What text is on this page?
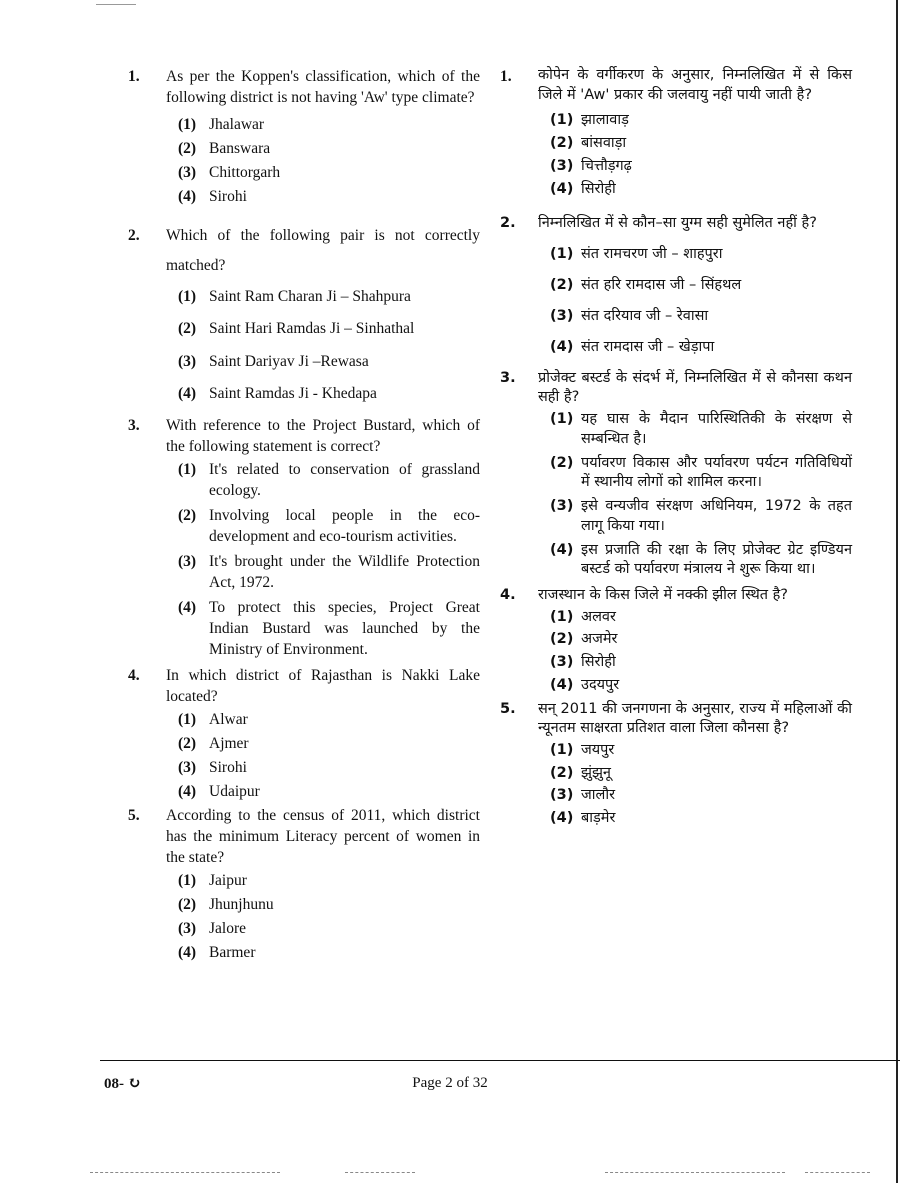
1. As per the Koppen's classification, which of the following district is not having 'Aw' type climate?
(1) Jhalawar
(2) Banswara
(3) Chittorgarh
(4) Sirohi
2. Which of the following pair is not correctly matched?
(1) Saint Ram Charan Ji – Shahpura
(2) Saint Hari Ramdas Ji – Sinhathal
(3) Saint Dariyav Ji –Rewasa
(4) Saint Ramdas Ji - Khedapa
3. With reference to the Project Bustard, which of the following statement is correct?
(1) It's related to conservation of grassland ecology.
(2) Involving local people in the eco-development and eco-tourism activities.
(3) It's brought under the Wildlife Protection Act, 1972.
(4) To protect this species, Project Great Indian Bustard was launched by the Ministry of Environment.
4. In which district of Rajasthan is Nakki Lake located?
(1) Alwar
(2) Ajmer
(3) Sirohi
(4) Udaipur
5. According to the census of 2011, which district has the minimum Literacy percent of women in the state?
(1) Jaipur
(2) Jhunjhunu
(3) Jalore
(4) Barmer
1. कोपेन के वर्गीकरण के अनुसार, निम्नलिखित में से किस जिले में 'Aw' प्रकार की जलवायु नहीं पायी जाती है?
(1) झालावाड़
(2) बांसवाड़ा
(3) चित्तौड़गढ़
(4) सिरोही
2. निम्नलिखित में से कौन–सा युग्म सही सुमेलित नहीं है?
(1) संत रामचरण जी – शाहपुरा
(2) संत हरि रामदास जी – सिंहथल
(3) संत दरियाव जी – रेवासा
(4) संत रामदास जी – खेड़ापा
3. प्रोजेक्ट बस्टर्ड के संदर्भ में, निम्नलिखित में से कौनसा कथन सही है?
(1) यह घास के मैदान पारिस्थितिकी के संरक्षण से सम्बन्धित है।
(2) पर्यावरण विकास और पर्यावरण पर्यटन गतिविधियों में स्थानीय लोगों को शामिल करना।
(3) इसे वन्यजीव संरक्षण अधिनियम, 1972 के तहत लागू किया गया।
(4) इस प्रजाति की रक्षा के लिए प्रोजेक्ट ग्रेट इण्डियन बस्टर्ड को पर्यावरण मंत्रालय ने शुरू किया था।
4. राजस्थान के किस जिले में नक्की झील स्थित है?
(1) अलवर
(2) अजमेर
(3) सिरोही
(4) उदयपुर
5. सन् 2011 की जनगणना के अनुसार, राज्य में महिलाओं की न्यूनतम साक्षरता प्रतिशत वाला जिला कौनसा है?
(1) जयपुर
(2) झुंझुनू
(3) जालौर
(4) बाड़मेर
08- ↻	Page 2 of 32
